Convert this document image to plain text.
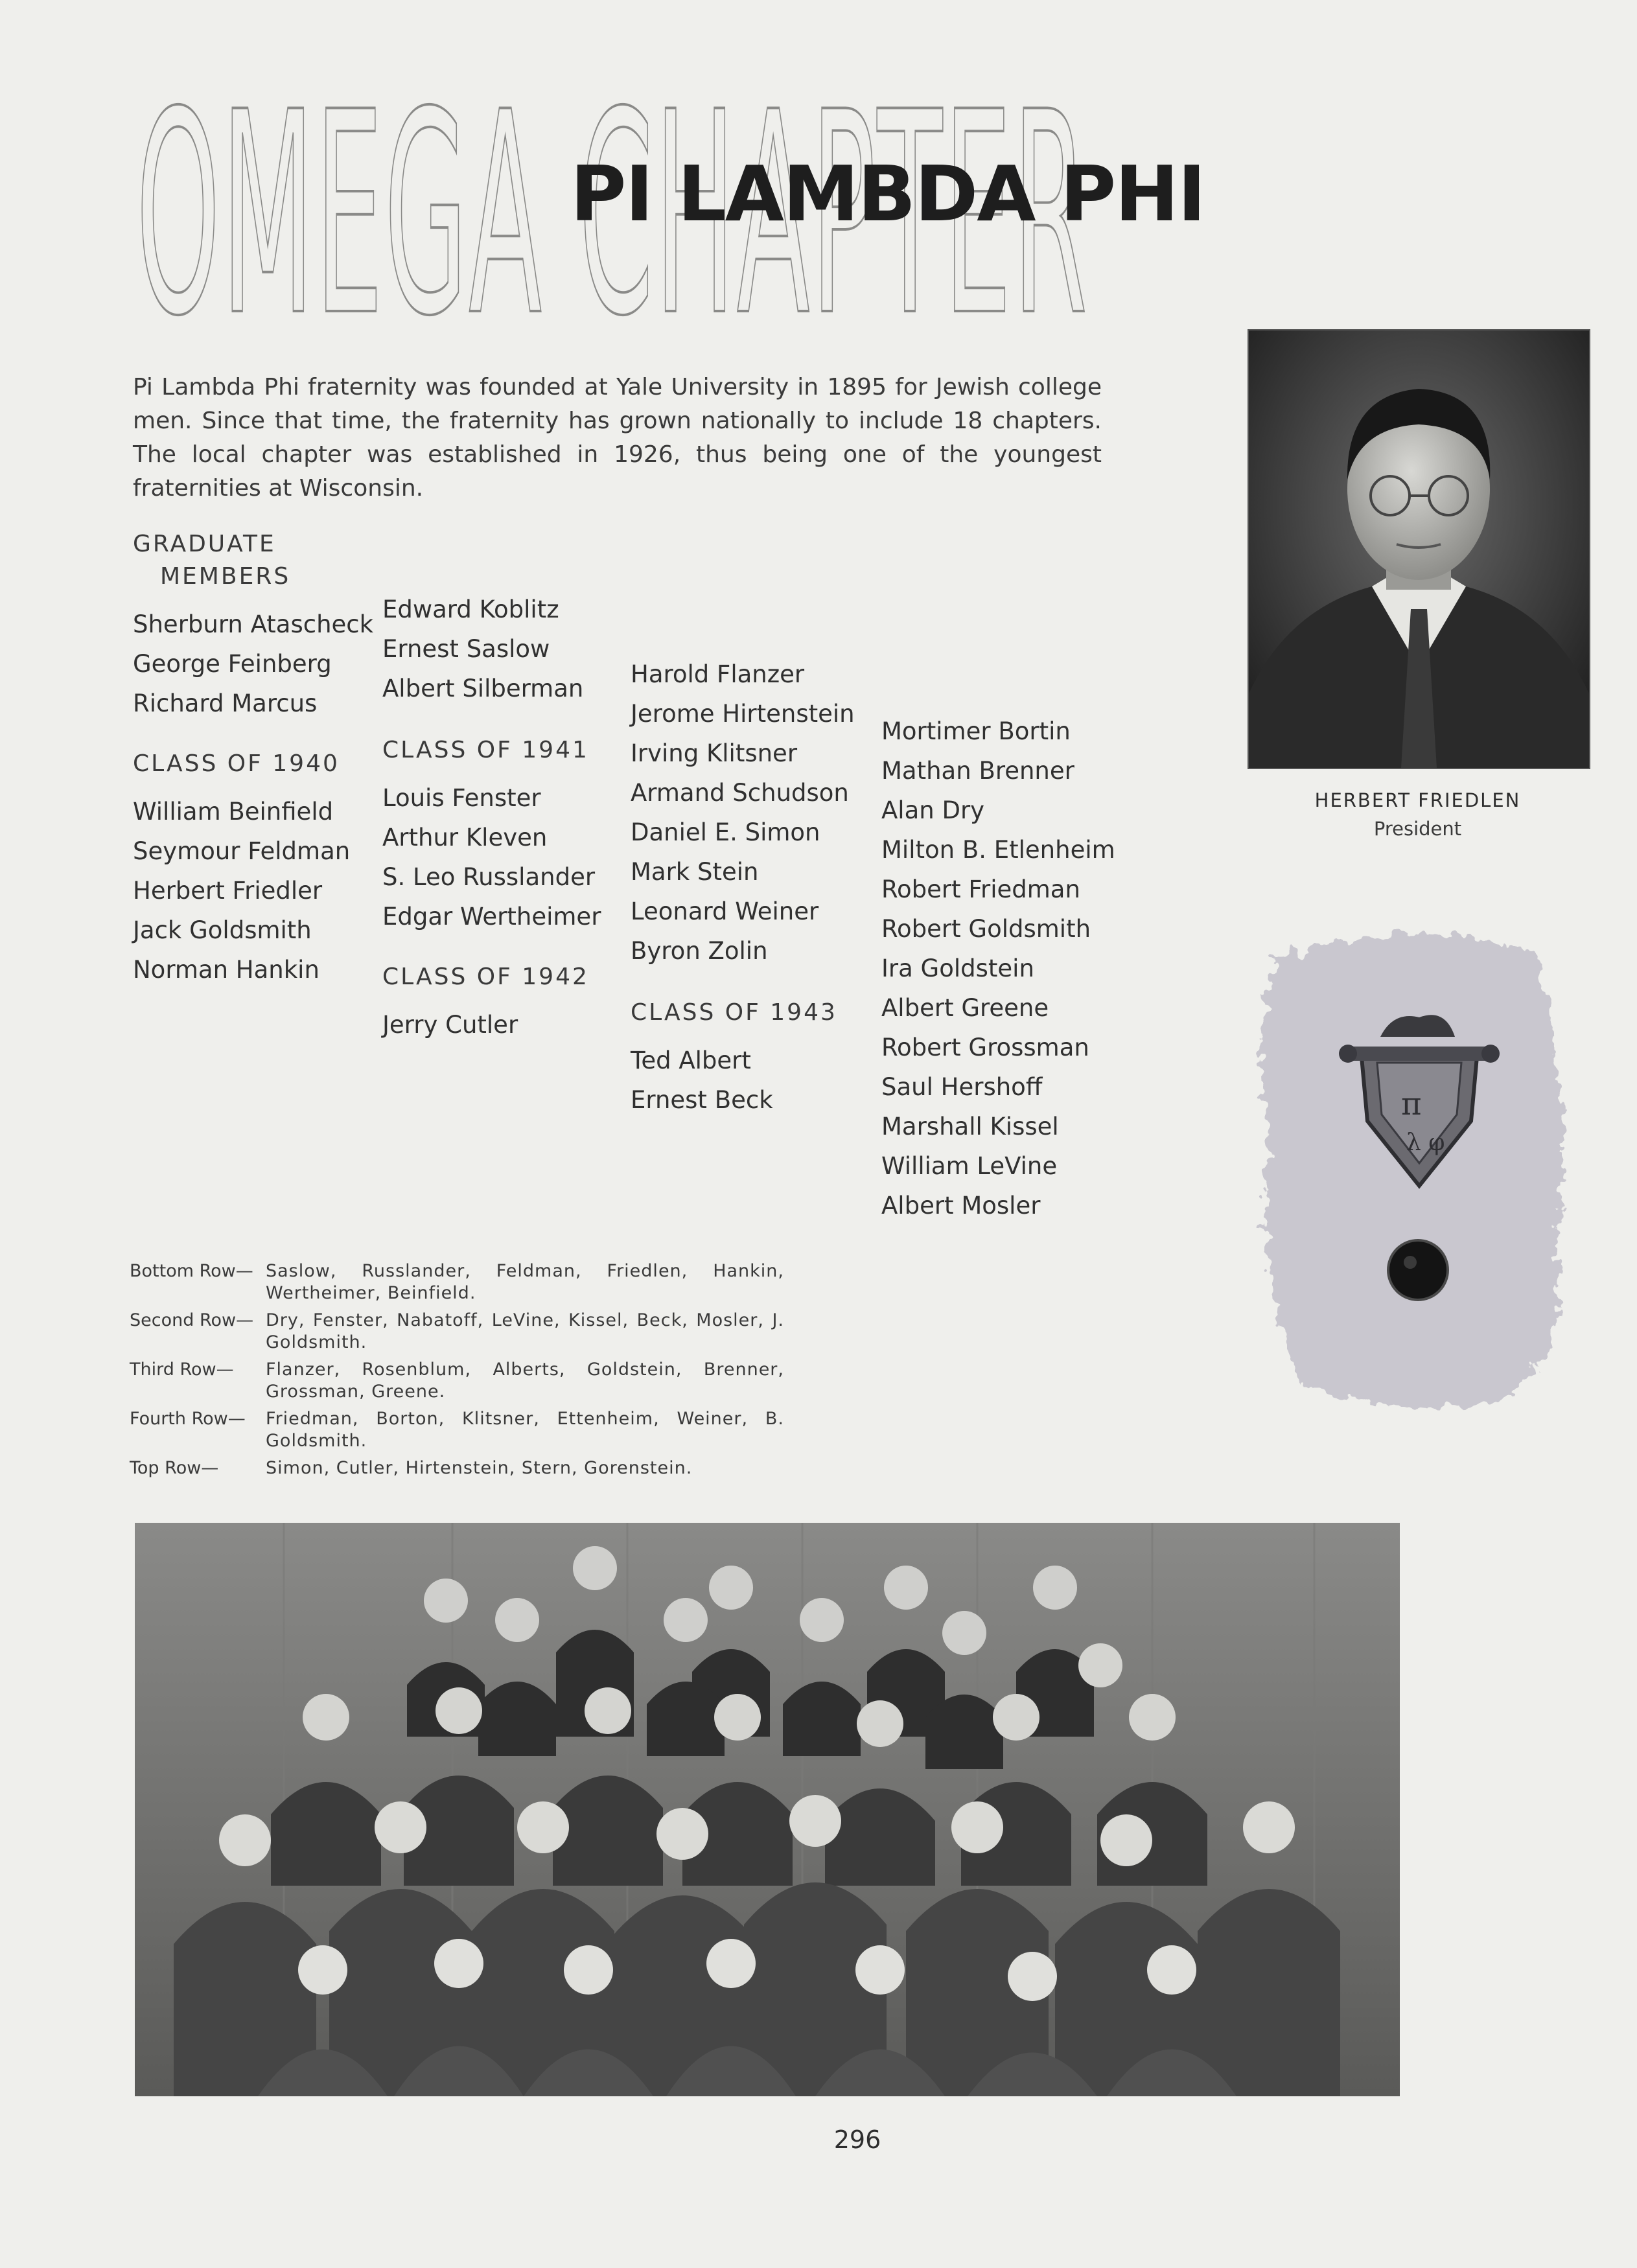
OMEGA CHAPTER
PI LAMBDA PHI

Pi Lambda Phi fraternity was founded at Yale University in 1895 for Jewish college men. Since that time, the fraternity has grown nationally to include 18 chapters. The local chapter was established in 1926, thus being one of the youngest fraternities at Wisconsin.

GRADUATE
MEMBERS
Sherburn Atascheck
George Feinberg
Richard Marcus
CLASS OF 1940
William Beinfield
Seymour Feldman
Herbert Friedler
Jack Goldsmith
Norman Hankin
Edward Koblitz
Ernest Saslow
Albert Silberman
CLASS OF 1941
Louis Fenster
Arthur Kleven
S. Leo Russlander
Edgar Wertheimer
CLASS OF 1942
Jerry Cutler
Harold Flanzer
Jerome Hirtenstein
Irving Klitsner
Armand Schudson
Daniel E. Simon
Mark Stein
Leonard Weiner
Byron Zolin
CLASS OF 1943
Ted Albert
Ernest Beck
Mortimer Bortin
Mathan Brenner
Alan Dry
Milton B. Etlenheim
Robert Friedman
Robert Goldsmith
Ira Goldstein
Albert Greene
Robert Grossman
Saul Hershoff
Marshall Kissel
William LeVine
Albert Mosler
Bottom Row— Saslow, Russlander, Feldman, Friedlen, Hankin, Wertheimer, Beinfield.
Second Row— Dry, Fenster, Nabatoff, LeVine, Kissel, Beck, Mosler, J. Goldsmith.
Third Row—	Flanzer, Rosenblum, Alberts, Goldstein, Brenner, Grossman, Greene.
Fourth Row—	Friedman, Borton, Klitsner, Ettenheim, Weiner, B. Goldsmith.
Top Row—	Simon, Cutler, Hirtenstein, Stern, Gorenstein.
HERBERT FRIEDLEN
President
π
λ φ
296
